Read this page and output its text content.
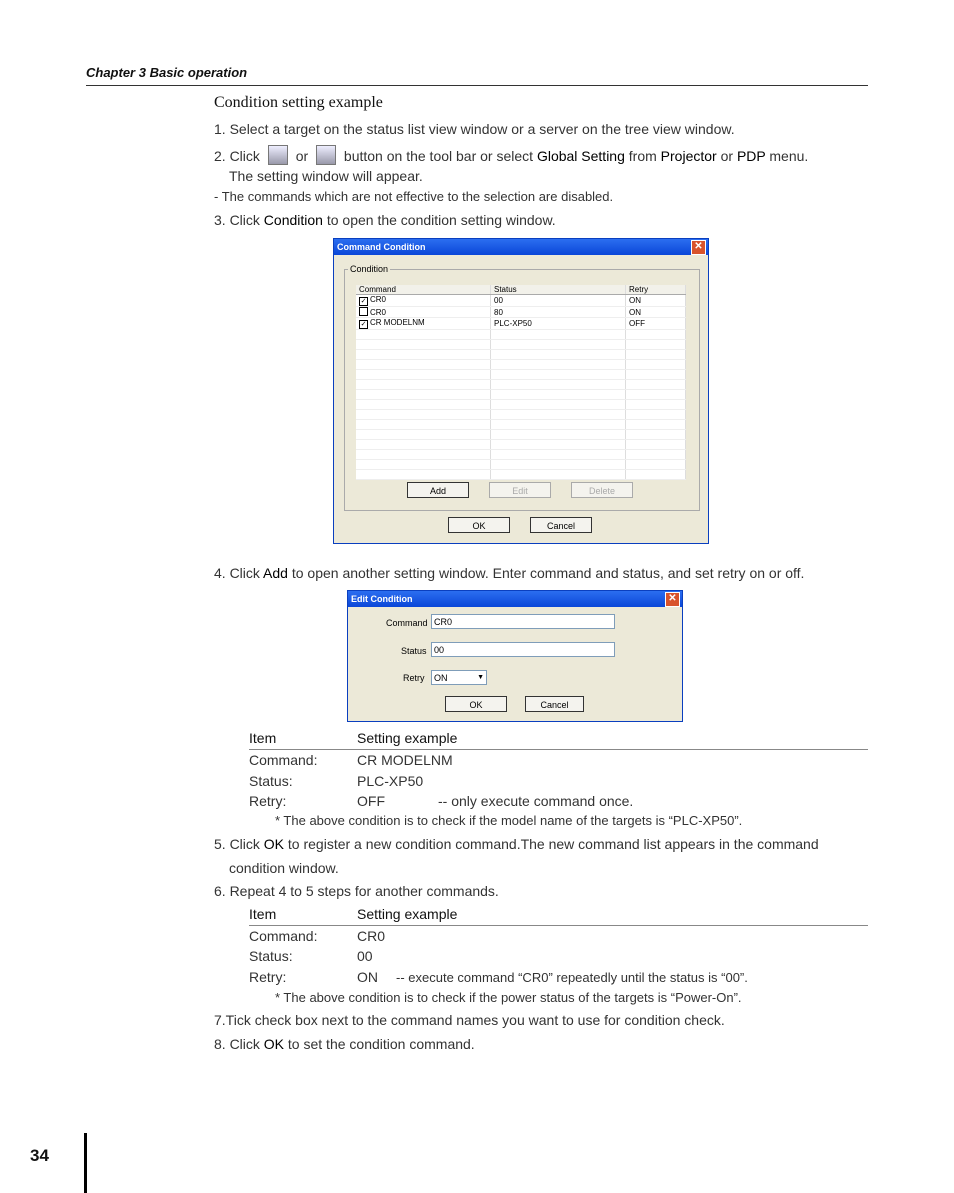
Chapter 3 Basic operation
Condition setting example
1. Select a target on the status list view window or a server on the tree view window.
2. Click	or	button on the tool bar or select Global Setting from Projector or PDP menu.
The setting window will appear.
- The commands which are not effective to the selection are disabled.
3. Click Condition to open the condition setting window.
Command Condition	✕
Condition
Command	Status	Retry
✓ CR0	00	ON
CR0	80	ON
✓ CR MODELNM	PLC-XP50	OFF

Add	Edit	Delete
OK	Cancel
4. Click Add to open another setting window. Enter command and status, and set retry on or off.
Edit Condition	✕
Command CR0
Status 00
Retry	ON	▼
OK	Cancel
Item	Setting example
Command:	CR MODELNM
Status:	PLC-XP50
Retry:	OFF	-- only execute command once.
* The above condition is to check if the model name of the targets is “PLC-XP50”.
5. Click OK to register a new condition command.The new command list appears in the command
condition window.
6. Repeat 4 to 5 steps for another commands.
Item	Setting example
Command:	CR0
Status:	00
Retry:	ON -- execute command “CR0” repeatedly until the status is “00”.
* The above condition is to check if the power status of the targets is “Power-On”.
7.Tick check box next to the command names you want to use for condition check.
8. Click OK to set the condition command.
34
